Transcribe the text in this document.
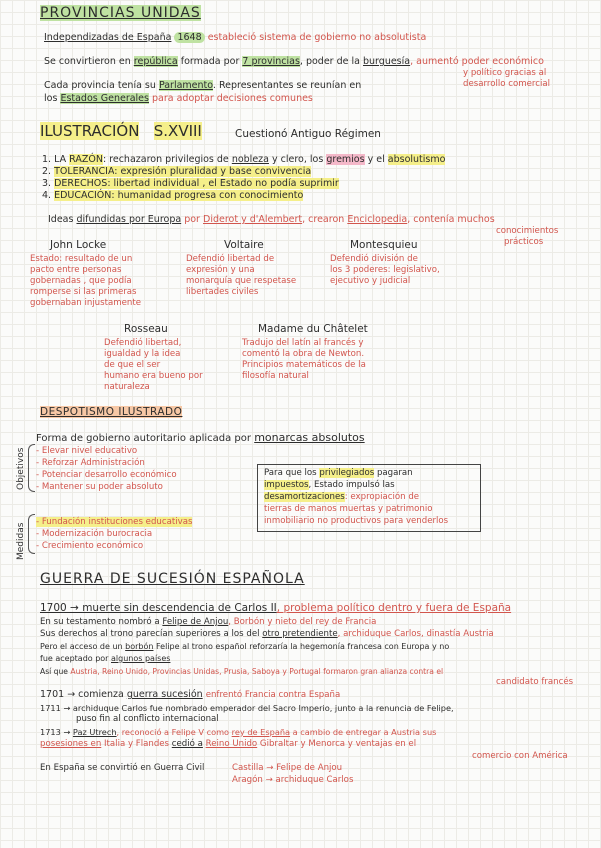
PROVINCIAS UNIDAS
Independizadas de España 1648 estableció sistema de gobierno no absolutista
Se convirtieron en república formada por 7 provincias, poder de la burguesía, aumentó poder económico
y político gracias al
desarrollo comercial
Cada provincia tenía su Parlamento. Representantes se reunían en
los Estados Generales para adoptar decisiones comunes
ILUSTRACIÓN S.XVIII	Cuestionó Antiguo Régimen
1. LA RAZÓN: rechazaron privilegios de nobleza y clero, los gremios y el absolutismo
2. TOLERANCIA: expresión pluralidad y base convivencia
3. DERECHOS: libertad individual , el Estado no podía suprimir
4. EDUCACIÓN: humanidad progresa con conocimiento
Ideas difundidas por Europa por Diderot y d'Alembert, crearon Enciclopedia, contenía muchos
conocimientos
prácticos
John Locke
Estado: resultado de un
pacto entre personas
gobernadas , que podía
romperse si las primeras
gobernaban injustamente
Voltaire
Defendió libertad de
expresión y una
monarquía que respetase
libertades civiles
Montesquieu
Defendió división de
los 3 poderes: legislativo,
ejecutivo y judicial
Rosseau
Defendió libertad,
igualdad y la idea
de que el ser
humano era bueno por
naturaleza
Madame du Châtelet
Tradujo del latín al francés y
comentó la obra de Newton.
Principios matemáticos de la
filosofía natural
DESPOTISMO ILUSTRADO
Forma de gobierno autoritario aplicada por monarcas absolutos
Objetivos - Elevar nivel educativo
- Reforzar Administración
- Potenciar desarrollo económico
- Mantener su poder absoluto
Para que los privilegiados pagaran
impuestos, Estado impulsó las
desamortizaciones: expropiación de
tierras de manos muertas y patrimonio
inmobiliario no productivos para venderlos
Medidas
- Fundación instituciones educativas
- Modernización burocracia
- Crecimiento económico
GUERRA DE SUCESIÓN ESPAÑOLA
1700 → muerte sin descendencia de Carlos II, problema político dentro y fuera de España
En su testamento nombró a Felipe de Anjou, Borbón y nieto del rey de Francia
Sus derechos al trono parecían superiores a los del otro pretendiente, archiduque Carlos, dinastía Austria
Pero el acceso de un borbón Felipe al trono español reforzaría la hegemonía francesa con Europa y no
fue aceptado por algunos países
Así que Austria, Reino Unido, Provincias Unidas, Prusia, Saboya y Portugal formaron gran alianza contra el
candidato francés
1701 → comienza guerra sucesión enfrentó Francia contra España
1711 → archiduque Carlos fue nombrado emperador del Sacro Imperio, junto a la renuncia de Felipe,
puso fin al conflicto internacional
1713 → Paz Utrech, reconoció a Felipe V como rey de España a cambio de entregar a Austria sus
posesiones en Italia y Flandes cedió a Reino Unido Gibraltar y Menorca y ventajas en el
comercio con América
En España se convirtió en Guerra Civil	Castilla → Felipe de Anjou
Aragón → archiduque Carlos
